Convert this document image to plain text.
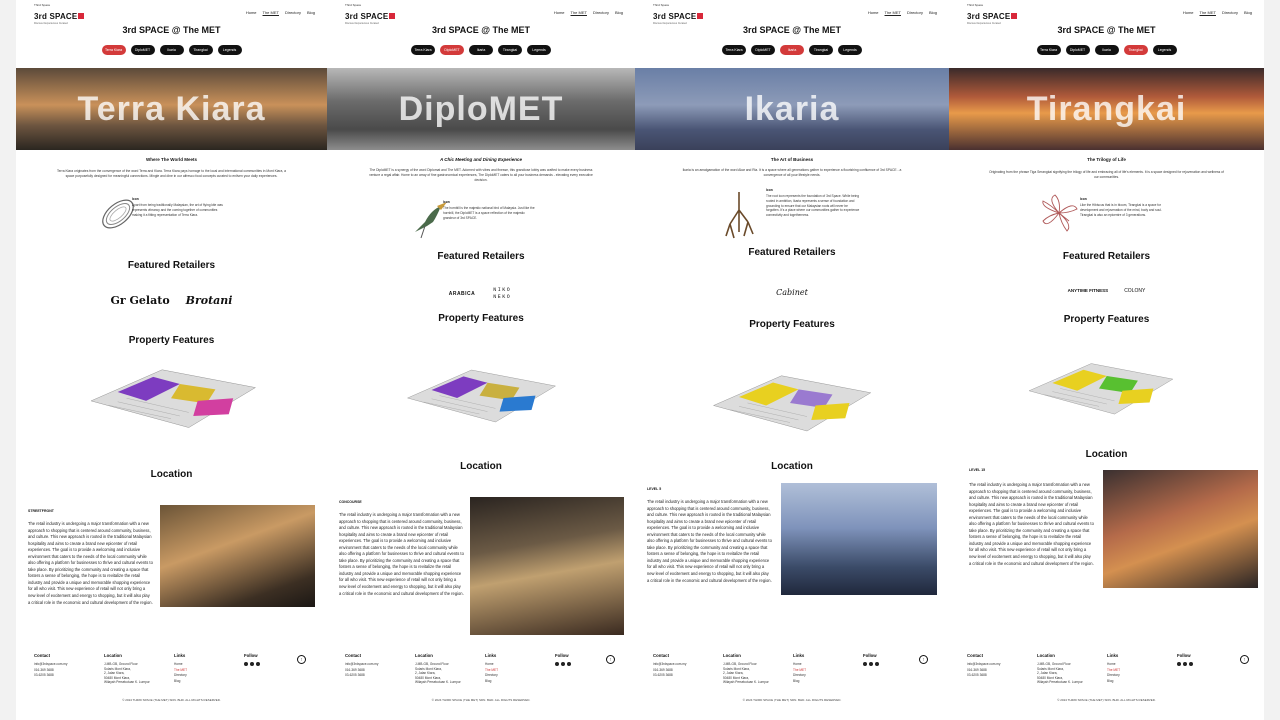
Third Space
3rd SPACE
Discover Experiences Curated
Home The MET Directory Blog
3rd SPACE @ The MET
Terra Kiara	DiploMET	Ikaria	Tirangkai	Legends
Terra Kiara
Where The World Meets
Terra Kiara originates from the convergence of the word Terra and Kiara. Terra Kiara pays homage to the local and international communities in Mont Kiara, a space purposefully designed for meaningful connections. Mingle and dine in our alfresco food concepts curated to enliven your daily experiences.
Icon
Apart from being traditionally Malaysian, the art of flying kite was represents vibrancy and the coming together of communities making it a fitting representation of Terra Kiara.
Featured Retailers
Gr Gelato Brotani
Property Features
Location
STREETFRONT
The retail industry is undergoing a major transformation with a new approach to shopping that is centered around community, business, and culture. This new approach is rooted in the traditional Malaysian hospitality and aims to create a brand new epicenter of retail experiences. The goal is to provide a welcoming and inclusive environment that caters to the needs of the local community while also offering a platform for businesses to thrive and cultural events to take place. By prioritizing the community and creating a space that fosters a sense of belonging, the hope is to revitalize the retail industry and provide a unique and memorable shopping experience for all who visit. This new experience of retail will not only bring a new level of excitement and energy to shopping, but it will also play a critical role in the economic and cultural development of the region.
Contact
info@3rdspace.com.my
016-369 3688
03-6205 3688
Location
J-MB-GB, Ground Floor
Solaris Mont Kiara,
2, Jalan Kiara,
50480 Mont Kiara,
Wilayah Persekutuan K. Lumpur
Links
Home
The MET
Directory
Blog
Follow
↑
© 2024 THIRD SPACE (THE MET) SDN. BHD. ALL RIGHTS RESERVED.
Third Space
3rd SPACE
Discover Experiences Curated
Home The MET Directory Blog
3rd SPACE @ The MET
Terra Kiara	DiploMET	Ikaria	Tirangkai	Legends
DiploMET
A Chic Meeting and Dining Experience
The DiploMET is a synergy of the word Diplomat and The MET. Adorned with vibes and finesse, this grandiose lobby was crafted to make every business venture a regal affair. Home to an array of fine gastronomical experiences, The DiploMET caters to all your business demands - elevating every executive decision.
Icon
The hornbill is the majestic national bird of Malaysia. Just like the hornbill, the DiploMET is a space reflection of the majestic grandeur of 3rd SPACE.
Featured Retailers
ARABICANIKO NEKO
Property Features
Location
CONCOURSE
The retail industry is undergoing a major transformation with a new approach to shopping that is centered around community, business, and culture. This new approach is rooted in the traditional Malaysian hospitality and aims to create a brand new epicenter of retail experiences. The goal is to provide a welcoming and inclusive environment that caters to the needs of the local community while also offering a platform for businesses to thrive and cultural events to take place. By prioritizing the community and creating a space that fosters a sense of belonging, the hope is to revitalize the retail industry and provide a unique and memorable shopping experience for all who visit. This new experience of retail will not only bring a new level of excitement and energy to shopping, but it will also play a critical role in the economic and cultural development of the region.
Contact
info@3rdspace.com.my
016-369 3688
03-6205 3688
Location
J-MB-GB, Ground Floor
Solaris Mont Kiara,
2, Jalan Kiara,
50480 Mont Kiara,
Wilayah Persekutuan K. Lumpur
Links
Home
The MET
Directory
Blog
Follow
↑
© 2024 THIRD SPACE (THE MET) SDN. BHD. ALL RIGHTS RESERVED.
Third Space
3rd SPACE
Discover Experiences Curated
Home The MET Directory Blog
3rd SPACE @ The MET
Terra Kiara	DiploMET	Ikaria	Tirangkai	Legends
Ikaria
The Art of Business
Ikaria is an amalgamation of the word Akar and Ria. It is a space where all generations gather to experience a flourishing confluence of 3rd SPACE - a convergence of all your lifestyle needs.
Icon
The root icon represents the foundation of 3rd Space. While being rooted in ambition, Ikaria represents a sense of foundation and grounding to ensure that our Malaysian roots will never be forgotten. It's a place where our communities gather to experience connectivity and togetherness.
Featured Retailers
Cabinet
Property Features
Location
LEVEL 5
The retail industry is undergoing a major transformation with a new approach to shopping that is centered around community, business, and culture. This new approach is rooted in the traditional Malaysian hospitality and aims to create a brand new epicenter of retail experiences. The goal is to provide a welcoming and inclusive environment that caters to the needs of the local community while also offering a platform for businesses to thrive and cultural events to take place. By prioritizing the community and creating a space that fosters a sense of belonging, the hope is to revitalize the retail industry and provide a unique and memorable shopping experience for all who visit. This new experience of retail will not only bring a new level of excitement and energy to shopping, but it will also play a critical role in the economic and cultural development of the region.
Contact
info@3rdspace.com.my
016-369 3688
03-6205 3688
Location
J-MB-GB, Ground Floor
Solaris Mont Kiara,
2, Jalan Kiara,
50480 Mont Kiara,
Wilayah Persekutuan K. Lumpur
Links
Home
The MET
Directory
Blog
Follow
↑
© 2024 THIRD SPACE (THE MET) SDN. BHD. ALL RIGHTS RESERVED.
Third Space
3rd SPACE
Discover Experiences Curated
Home The MET Directory Blog
3rd SPACE @ The MET
Terra Kiara	DiploMET	Ikaria	Tirangkai	Legends
Tirangkai
The Trilogy of Life
Originating from the phrase Tiga Serangkai signifying the trilogy of life and embracing all of life's elements. It is a space designed for rejuvenation and wellness of our communities.
Icon
Like the Hibiscus that is in bloom, Tirangkai is a space for development and rejuvenation of the mind, body and soul. Tirangkai is also an epicentre of 3 generations.
Featured Retailers
ANYTIME FITNESS	COLONY
Property Features
Location
LEVEL 15
The retail industry is undergoing a major transformation with a new approach to shopping that is centered around community, business, and culture. This new approach is rooted in the traditional Malaysian hospitality and aims to create a brand new epicenter of retail experiences. The goal is to provide a welcoming and inclusive environment that caters to the needs of the local community while also offering a platform for businesses to thrive and cultural events to take place. By prioritizing the community and creating a space that fosters a sense of belonging, the hope is to revitalize the retail industry and provide a unique and memorable shopping experience for all who visit. This new experience of retail will not only bring a new level of excitement and energy to shopping, but it will also play a critical role in the economic and cultural development of the region.
Contact
info@3rdspace.com.my
016-369 3688
03-6205 3688
Location
J-MB-GB, Ground Floor
Solaris Mont Kiara,
2, Jalan Kiara,
50480 Mont Kiara,
Wilayah Persekutuan K. Lumpur
Links
Home
The MET
Directory
Blog
Follow
↑
© 2024 THIRD SPACE (THE MET) SDN. BHD. ALL RIGHTS RESERVED.
